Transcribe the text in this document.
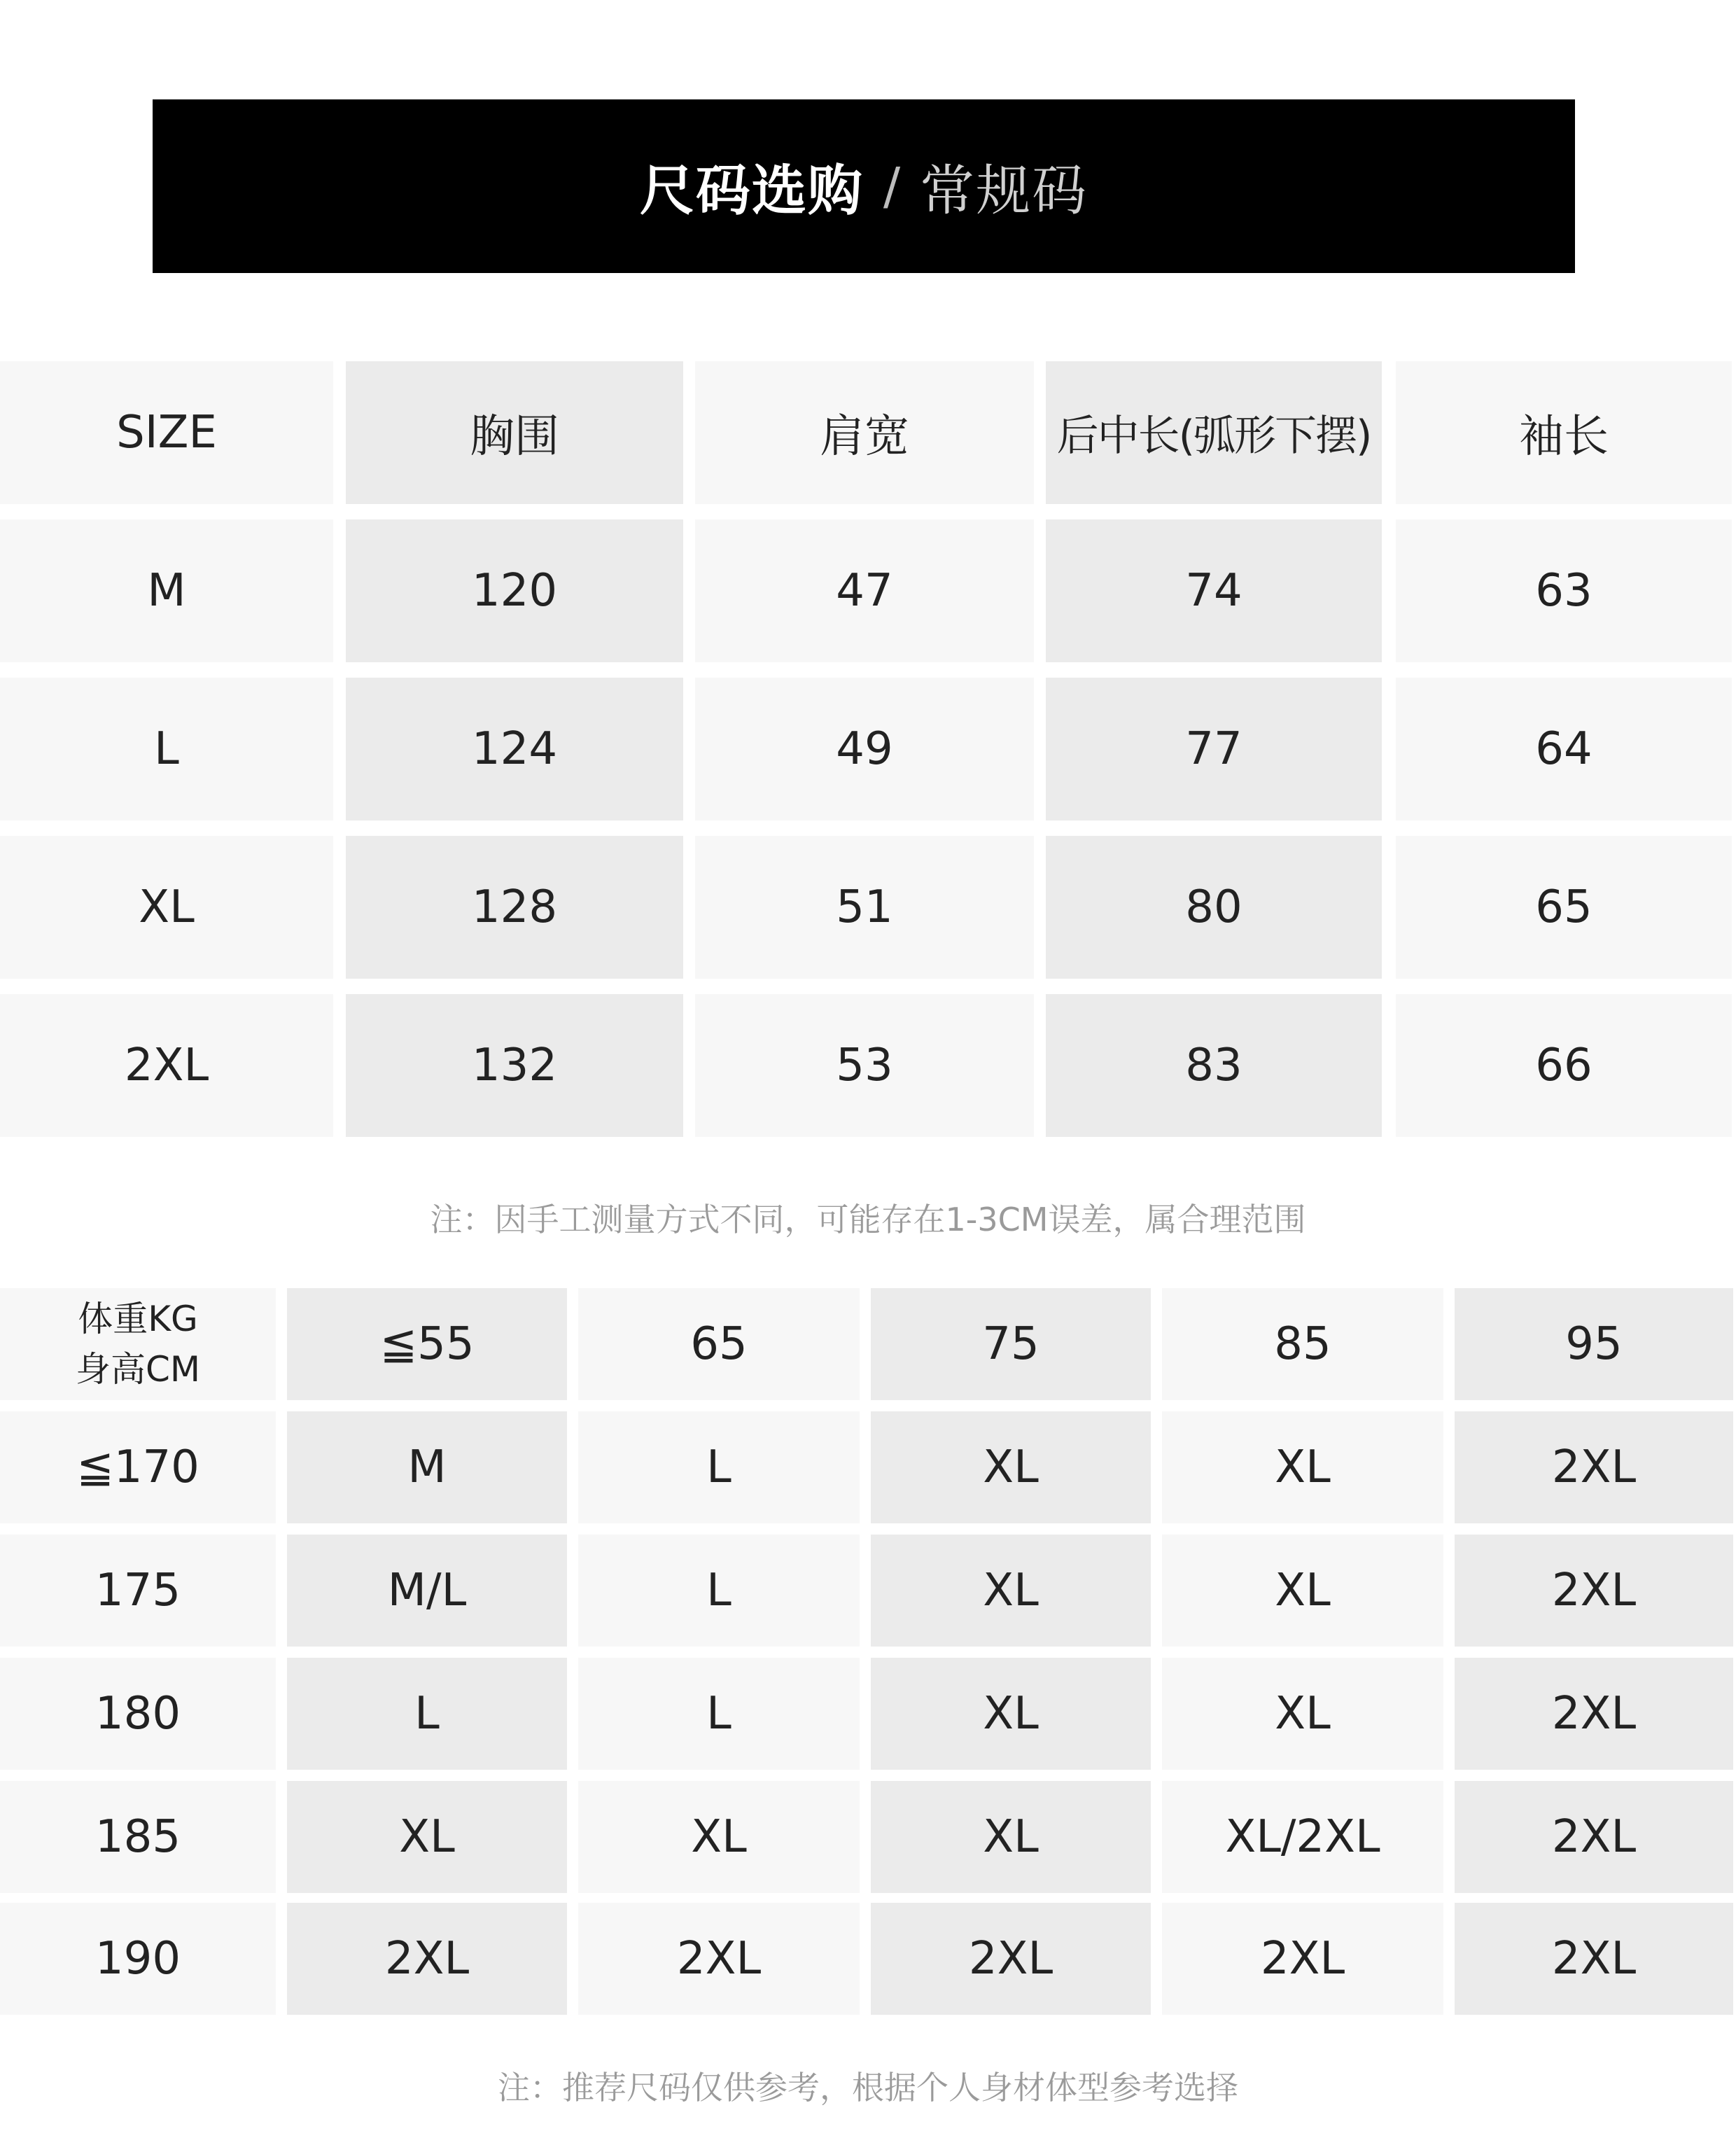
尺码选购 / 常规码
SIZE	胸围	肩宽	后中长(弧形下摆)	袖长
M	120	47	74	63
L	124	49	77	64
XL	128	51	80	65
2XL	132	53	83	66
注：因手工测量方式不同，可能存在1-3CM误差，属合理范围
体重KG
身高CM	≦55	65	75	85	95
≦170	M	L	XL	XL	2XL
175	M/L	L	XL	XL	2XL
180	L	L	XL	XL	2XL
185	XL	XL	XL	XL/2XL	2XL
190	2XL	2XL	2XL	2XL	2XL
注：推荐尺码仅供参考，根据个人身材体型参考选择
